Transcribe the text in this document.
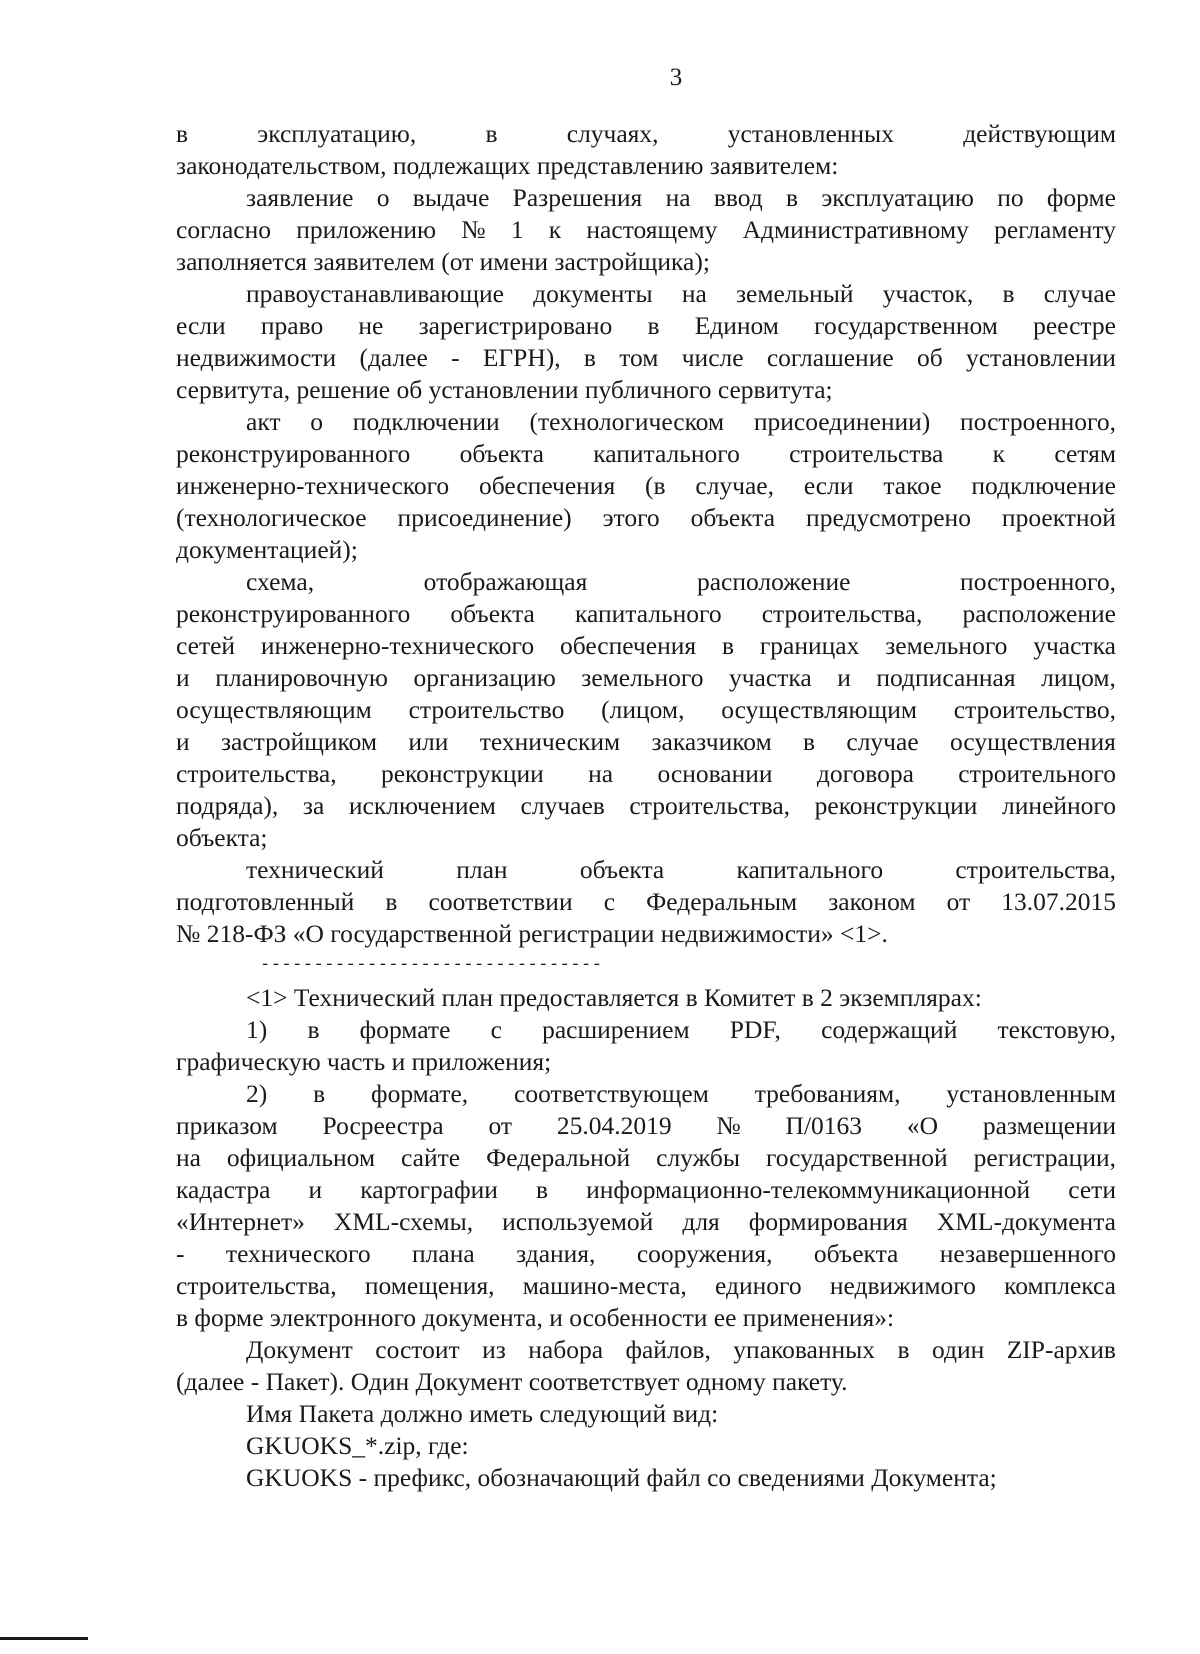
3
в	эксплуатацию,	в	случаях,	установленных	действующим
законодательством, подлежащих представлению заявителем:
заявление о выдаче Разрешения на ввод в эксплуатацию по форме
согласно приложению № 1 к настоящему Административному регламенту
заполняется заявителем (от имени застройщика);
правоустанавливающие документы на земельный участок, в случае
если право не зарегистрировано в Едином государственном реестре
недвижимости (далее - ЕГРН), в том числе соглашение об установлении
сервитута, решение об установлении публичного сервитута;
акт о подключении (технологическом присоединении) построенного,
реконструированного объекта капитального строительства к сетям
инженерно-технического обеспечения (в случае, если такое подключение
(технологическое присоединение) этого объекта предусмотрено проектной
документацией);
схема,	отображающая	расположение	построенного,
реконструированного объекта капитального строительства, расположение
сетей инженерно-технического обеспечения в границах земельного участка
и планировочную организацию земельного участка и подписанная лицом,
осуществляющим строительство (лицом, осуществляющим строительство,
и застройщиком или техническим заказчиком в случае осуществления
строительства, реконструкции на основании договора строительного
подряда), за исключением случаев строительства, реконструкции линейного
объекта;
технический	план	объекта	капитального	строительства,
подготовленный в соответствии с Федеральным законом от 13.07.2015
№ 218-ФЗ «О государственной регистрации недвижимости» <1>.
--------------------------------
<1> Технический план предоставляется в Комитет в 2 экземплярах:
1) в формате с расширением PDF, содержащий текстовую,
графическую часть и приложения;
2) в формате, соответствующем требованиям, установленным
приказом Росреестра от 25.04.2019 № П/0163 «О размещении
на официальном сайте Федеральной службы государственной регистрации,
кадастра и картографии в информационно-телекоммуникационной сети
«Интернет» XML-схемы, используемой для формирования XML-документа
- технического плана здания, сооружения, объекта незавершенного
строительства, помещения, машино-места, единого недвижимого комплекса
в форме электронного документа, и особенности ее применения»:
Документ состоит из набора файлов, упакованных в один ZIP-архив
(далее - Пакет). Один Документ соответствует одному пакету.
Имя Пакета должно иметь следующий вид:
GKUOKS_*.zip, где:
GKUOKS - префикс, обозначающий файл со сведениями Документа;
